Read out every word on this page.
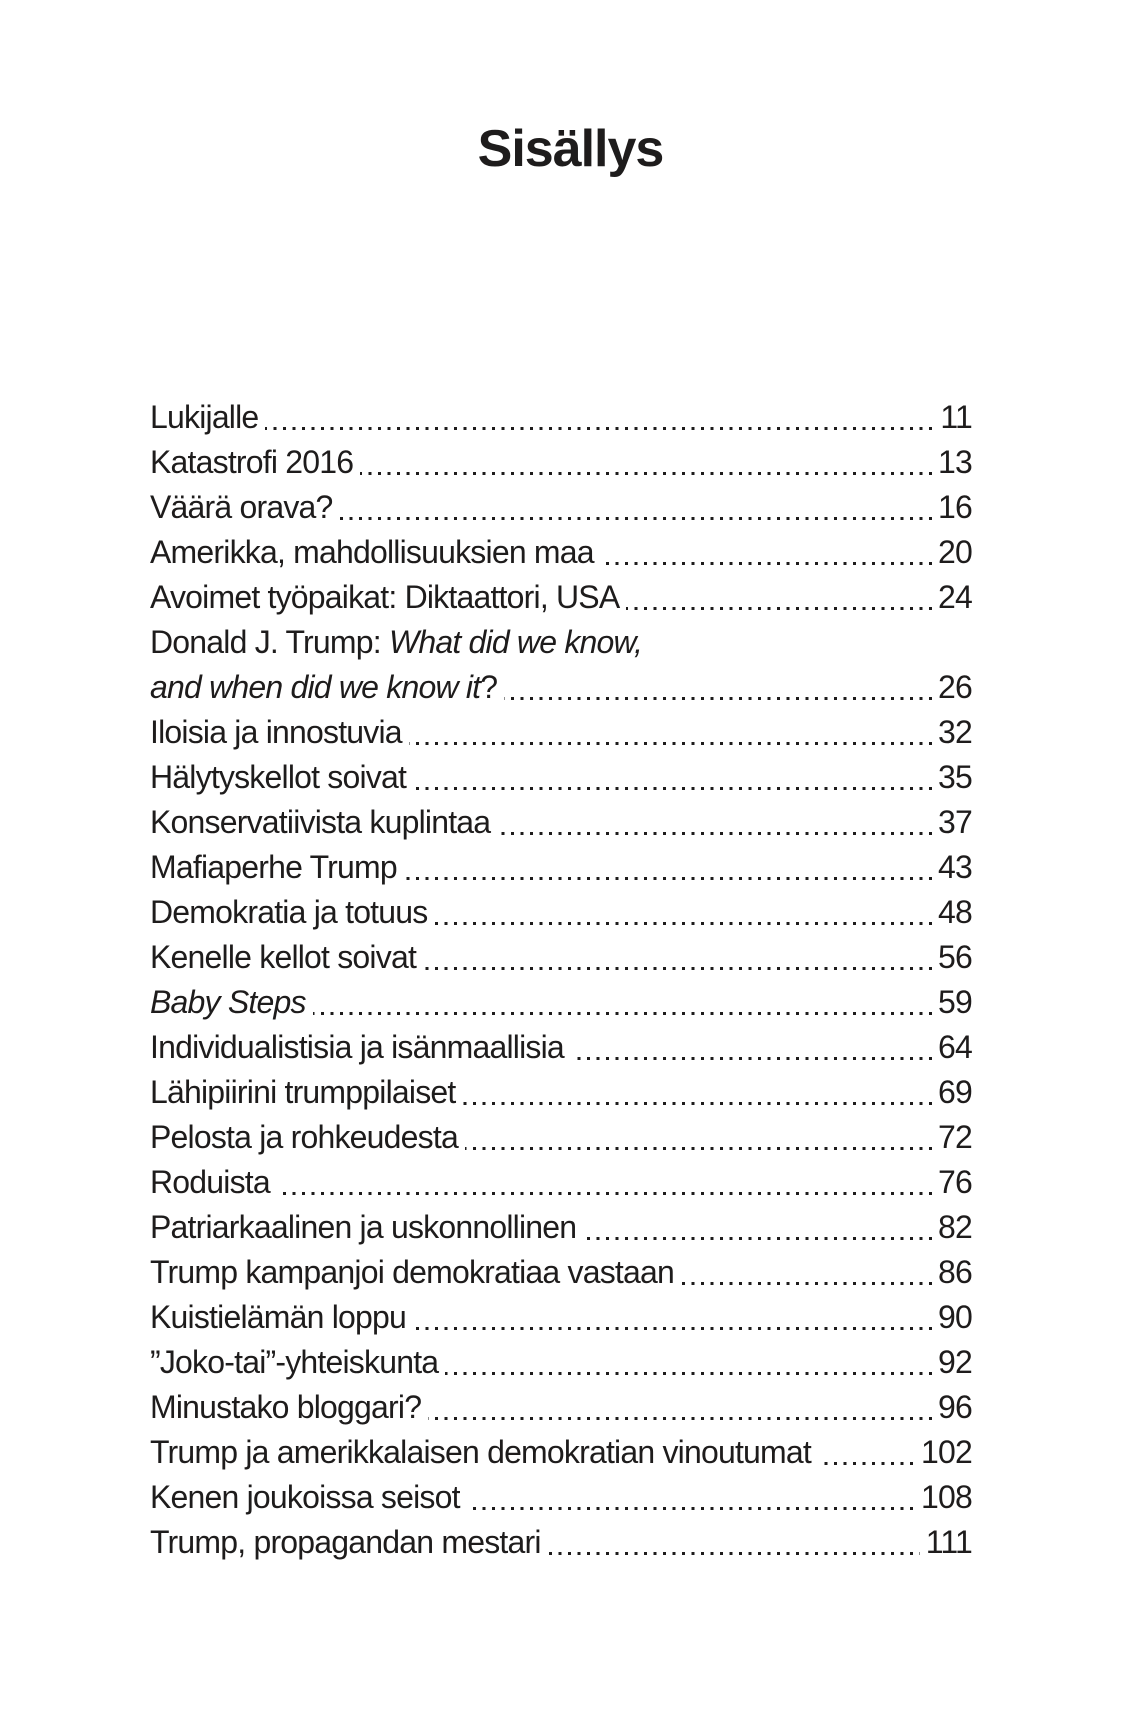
Sisällys
Lukijalle	11
Katastrofi 2016	13
Väärä orava?	16
Amerikka, mahdollisuuksien maa	20
Avoimet työpaikat: Diktaattori, USA	24
Donald J. Trump: What did we know,
and when did we know it?	26
Iloisia ja innostuvia	32
Hälytyskellot soivat	35
Konservatiivista kuplintaa	37
Mafiaperhe Trump	43
Demokratia ja totuus	48
Kenelle kellot soivat	56
Baby Steps	59
Individualistisia ja isänmaallisia	64
Lähipiirini trumppilaiset	69
Pelosta ja rohkeudesta	72
Roduista	76
Patriarkaalinen ja uskonnollinen	82
Trump kampanjoi demokratiaa vastaan	86
Kuistielämän loppu	90
”Joko-tai”-yhteiskunta	92
Minustako bloggari?	96
Trump ja amerikkalaisen demokratian vinoutumat	102
Kenen joukoissa seisot	108
Trump, propagandan mestari	111
